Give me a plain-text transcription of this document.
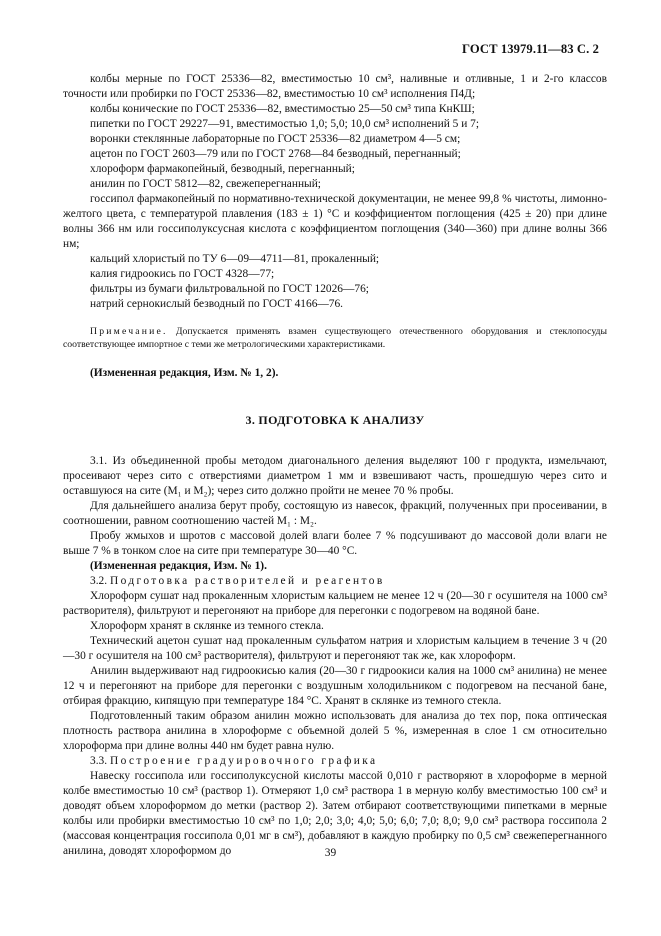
ГОСТ 13979.11—83 С. 2

колбы мерные по ГОСТ 25336—82, вместимостью 10 см³, наливные и отливные, 1 и 2-го классов точности или пробирки по ГОСТ 25336—82, вместимостью 10 см³ исполнения П4Д;

колбы конические по ГОСТ 25336—82, вместимостью 25—50 см³ типа КнКШ;

пипетки по ГОСТ 29227—91, вместимостью 1,0; 5,0; 10,0 см³ исполнений 5 и 7;

воронки стеклянные лабораторные по ГОСТ 25336—82 диаметром 4—5 см;

ацетон по ГОСТ 2603—79 или по ГОСТ 2768—84 безводный, перегнанный;

хлороформ фармакопейный, безводный, перегнанный;

анилин по ГОСТ 5812—82, свежеперегнанный;

госсипол фармакопейный по нормативно-технической документации, не менее 99,8 % чистоты, лимонно-желтого цвета, с температурой плавления (183 ± 1) °С и коэффициентом поглощения (425 ± 20) при длине волны 366 нм или госсиполуксусная кислота с коэффициентом поглощения (340—360) при длине волны 366 нм;

кальций хлористый по ТУ 6—09—4711—81, прокаленный;

калия гидроокись по ГОСТ 4328—77;

фильтры из бумаги фильтровальной по ГОСТ 12026—76;

натрий сернокислый безводный по ГОСТ 4166—76.

Примечание. Допускается применять взамен существующего отечественного оборудования и стеклопосуды соответствующее импортное с теми же метрологическими характеристиками.

(Измененная редакция, Изм. № 1, 2).

3. ПОДГОТОВКА К АНАЛИЗУ

3.1. Из объединенной пробы методом диагонального деления выделяют 100 г продукта, измельчают, просеивают через сито с отверстиями диаметром 1 мм и взвешивают часть, прошедшую через сито и оставшуюся на сите (M₁ и M₂); через сито должно пройти не менее 70 % пробы.

Для дальнейшего анализа берут пробу, состоящую из навесок, фракций, полученных при просеивании, в соотношении, равном соотношению частей M₁ : M₂.

Пробу жмыхов и шротов с массовой долей влаги более 7 % подсушивают до массовой доли влаги не выше 7 % в тонком слое на сите при температуре 30—40 °С.

(Измененная редакция, Изм. № 1).

3.2. Подготовка растворителей и реагентов

Хлороформ сушат над прокаленным хлористым кальцием не менее 12 ч (20—30 г осушителя на 1000 см³ растворителя), фильтруют и перегоняют на приборе для перегонки с подогревом на водяной бане.

Хлороформ хранят в склянке из темного стекла.

Технический ацетон сушат над прокаленным сульфатом натрия и хлористым кальцием в течение 3 ч (20—30 г осушителя на 100 см³ растворителя), фильтруют и перегоняют так же, как хлороформ.

Анилин выдерживают над гидроокисью калия (20—30 г гидроокиси калия на 1000 см³ анилина) не менее 12 ч и перегоняют на приборе для перегонки с воздушным холодильником с подогревом на песчаной бане, отбирая фракцию, кипящую при температуре 184 °С. Хранят в склянке из темного стекла.

Подготовленный таким образом анилин можно использовать для анализа до тех пор, пока оптическая плотность раствора анилина в хлороформе с объемной долей 5 %, измеренная в слое 1 см относительно хлороформа при длине волны 440 нм будет равна нулю.

3.3. Построение градуировочного графика

Навеску госсипола или госсиполуксусной кислоты массой 0,010 г растворяют в хлороформе в мерной колбе вместимостью 10 см³ (раствор 1). Отмеряют 1,0 см³ раствора 1 в мерную колбу вместимостью 100 см³ и доводят объем хлороформом до метки (раствор 2). Затем отбирают соответствующими пипетками в мерные колбы или пробирки вместимостью 10 см³ по 1,0; 2,0; 3,0; 4,0; 5,0; 6,0; 7,0; 8,0; 9,0 см³ раствора госсипола 2 (массовая концентрация госсипола 0,01 мг в см³), добавляют в каждую пробирку по 0,5 см³ свежеперегнанного анилина, доводят хлороформом до	39
